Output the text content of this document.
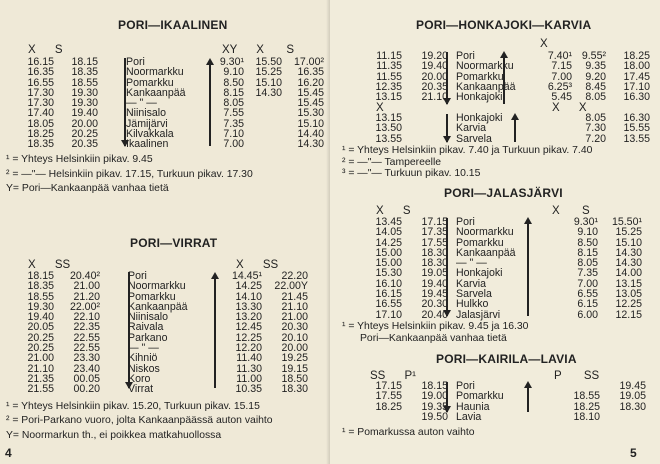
PORI—IKAALINEN
X      S	XY      X       S
16.15	18.15		Pori	9.30¹	15.50	17.00²
16.35	18.35		Noormarkku	9.10	15.25	16.35
16.55	18.55		Pomarkku	8.50	15.10	16.20
17.30	19.30		Kankaanpää	8.15	14.30	15.45
17.30	19.30		— " —	8.05		15.45
17.40	19.40		Niinisalo	7.55		15.30
18.05	20.00		Jämijärvi	7.35		15.10
18.25	20.25		Kilvakkala	7.10		14.40
18.35	20.35		Ikaalinen	7.00		14.30
¹ = Yhteys Helsinkiin pikav. 9.45
² = —"— Helsinkiin pikav. 17.15, Turkuun pikav. 17.30
Y= Pori—Kankaanpää vanhaa tietä
PORI—VIRRAT
X      SS	X      SS
18.15	20.40²		Pori	14.45¹	22.20
18.35	21.00		Noormarkku	14.25	22.00Y
18.55	21.20		Pomarkku	14.10	21.45
19.30	22.00²		Kankaanpää	13.30	21.10
19.40	22.10		Niinisalo	13.20	21.00
20.05	22.35		Raivala	12.45	20.30
20.25	22.55		Parkano	12.25	20.10
20.25	22.55		— " —	12.20	20.00
21.00	23.30		Kihniö	11.40	19.25
21.10	23.40		Niskos	11.30	19.15
21.35	00.05		Koro	11.00	18.50
21.55	00.20		Virrat	10.35	18.30
¹ = Yhteys Helsinkiin pikav. 15.20, Turkuun pikav. 15.15
² = Pori-Parkano vuoro, jolta Kankaanpäässä auton vaihto
Y= Noormarkun th., ei poikkea matkahuollossa
4
PORI—HONKAJOKI—KARVIA
X
11.15	19.20		Pori	7.40¹	9.55²	18.25
11.35	19.40		Noormarkku	7.15	9.35	18.00
11.55	20.00		Pomarkku	7.00	9.20	17.45
12.35	20.35		Kankaanpää	6.25³	8.45	17.10
13.15	21.10		Honkajoki	5.45	8.05	16.30
X	X      X
13.15			Honkajoki		8.05	16.30
13.50			Karvia		7.30	15.55
13.55			Sarvela		7.20	13.55
¹ = Yhteys Helsinkiin pikav. 7.40 ja Turkuun pikav. 7.40
² = —"— Tampereelle
³ = —"— Turkuun pikav. 10.15
PORI—JALASJÄRVI
X      S	X       S
13.45	17.15		Pori	9.30¹	15.50¹
14.05	17.35		Noormarkku	9.10	15.25
14.25	17.55		Pomarkku	8.50	15.10
15.00	18.30		Kankaanpää	8.15	14.30
15.00	18.30		— " —	8.05	14.30
15.30	19.05		Honkajoki	7.35	14.00
16.10	19.40		Karvia	7.00	13.15
16.15	19.45		Sarvela	6.55	13.05
16.55	20.30		Hulkko	6.15	12.25
17.10	20.40		Jalasjärvi	6.00	12.15
¹ = Yhteys Helsinkiin pikav. 9.45 ja 16.30
Pori—Kankaanpää vanhaa tietä
PORI—KAIRILA—LAVIA
SS      P¹	P       SS
17.15	18.15		Pori		19.45
17.55	19.00		Pomarkku	18.55	19.05
18.25	19.35		Haunia	18.25	18.30
	19.50		Lavia	18.10	
¹ = Pomarkussa auton vaihto
5
